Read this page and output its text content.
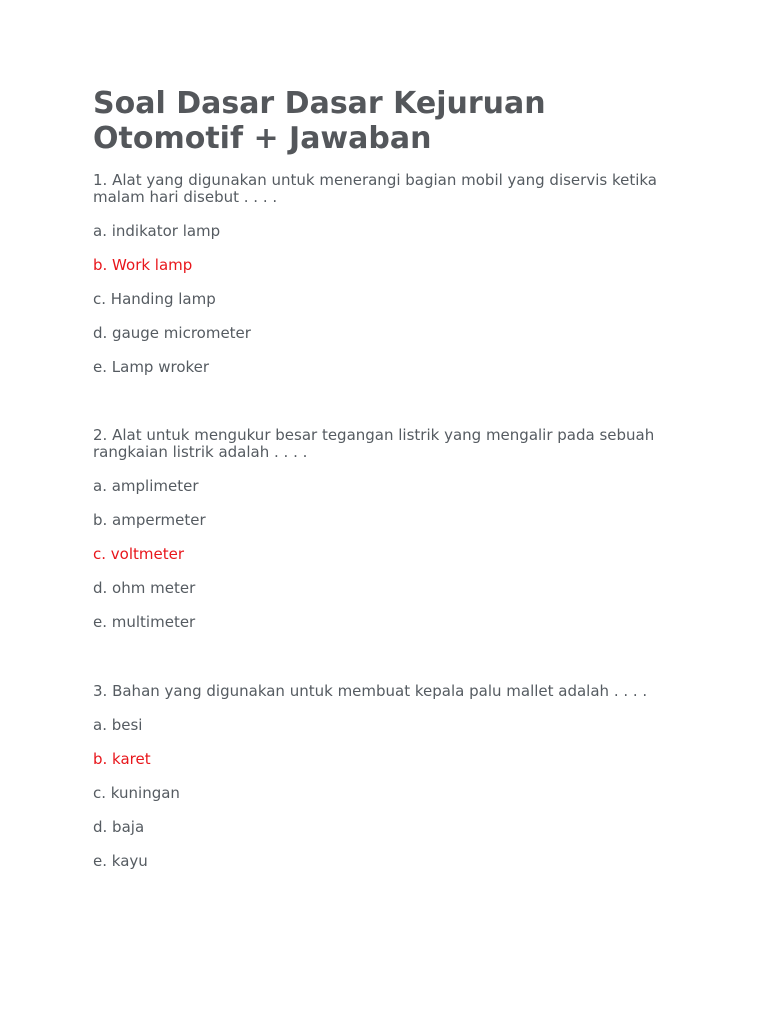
Soal Dasar Dasar Kejuruan Otomotif + Jawaban

1. Alat yang digunakan untuk menerangi bagian mobil yang diservis ketika malam hari disebut . . . .

a. indikator lamp

b. Work lamp

c. Handing lamp

d. gauge micrometer

e. Lamp wroker

2. Alat untuk mengukur besar tegangan listrik yang mengalir pada sebuah rangkaian listrik adalah . . . .

a. amplimeter

b. ampermeter

c. voltmeter

d. ohm meter

e. multimeter

3. Bahan yang digunakan untuk membuat kepala palu mallet adalah . . . .

a. besi

b. karet

c. kuningan

d. baja

e. kayu
